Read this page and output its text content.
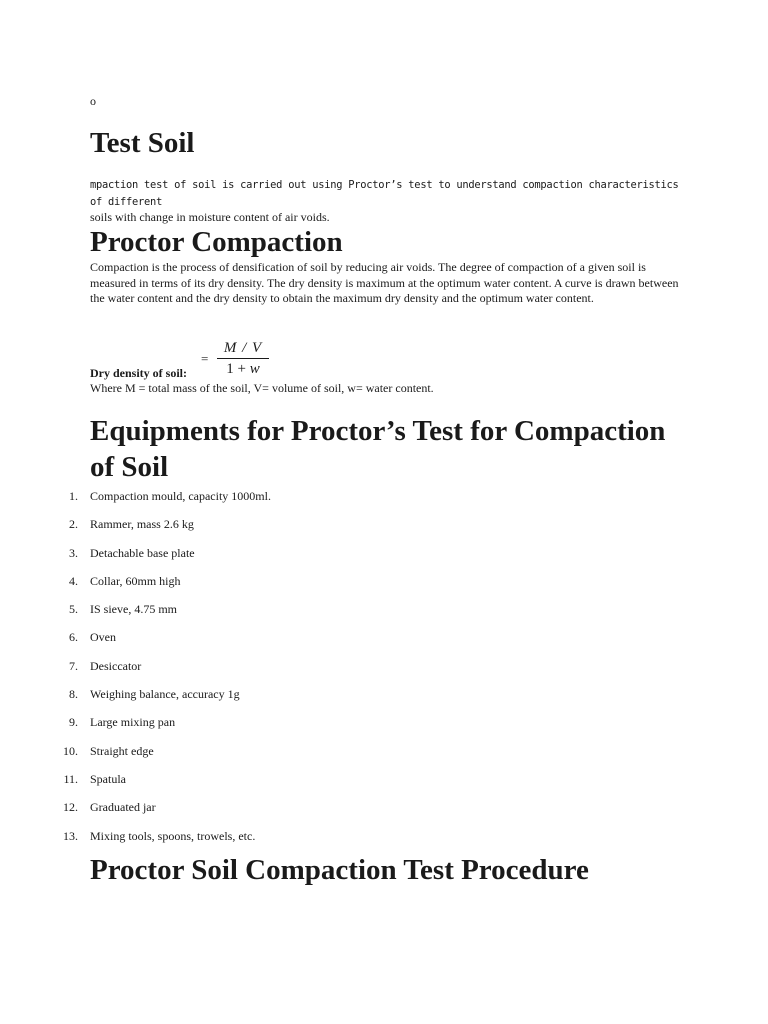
o
Test Soil
mpaction test of soil is carried out using Proctor’s test to understand compaction characteristics of different
soils with change in moisture content of air voids.
Proctor Compaction

Compaction is the process of densification of soil by reducing air voids. The degree of compaction of a given soil is measured in terms of its dry density. The dry density is maximum at the optimum water content. A curve is drawn between the water content and the dry density to obtain the maximum dry density and the optimum water content.

Dry density of soil:
=
M / V
1 + w
Where M = total mass of the soil, V= volume of soil, w= water content.
Equipments for Proctor’s Test for Compaction of Soil
1. Compaction mould, capacity 1000ml.
2. Rammer, mass 2.6 kg
3. Detachable base plate
4. Collar, 60mm high
5. IS sieve, 4.75 mm
6. Oven
7. Desiccator
8. Weighing balance, accuracy 1g
9. Large mixing pan
10. Straight edge
11. Spatula
12. Graduated jar
13. Mixing tools, spoons, trowels, etc.
Proctor Soil Compaction Test Procedure
